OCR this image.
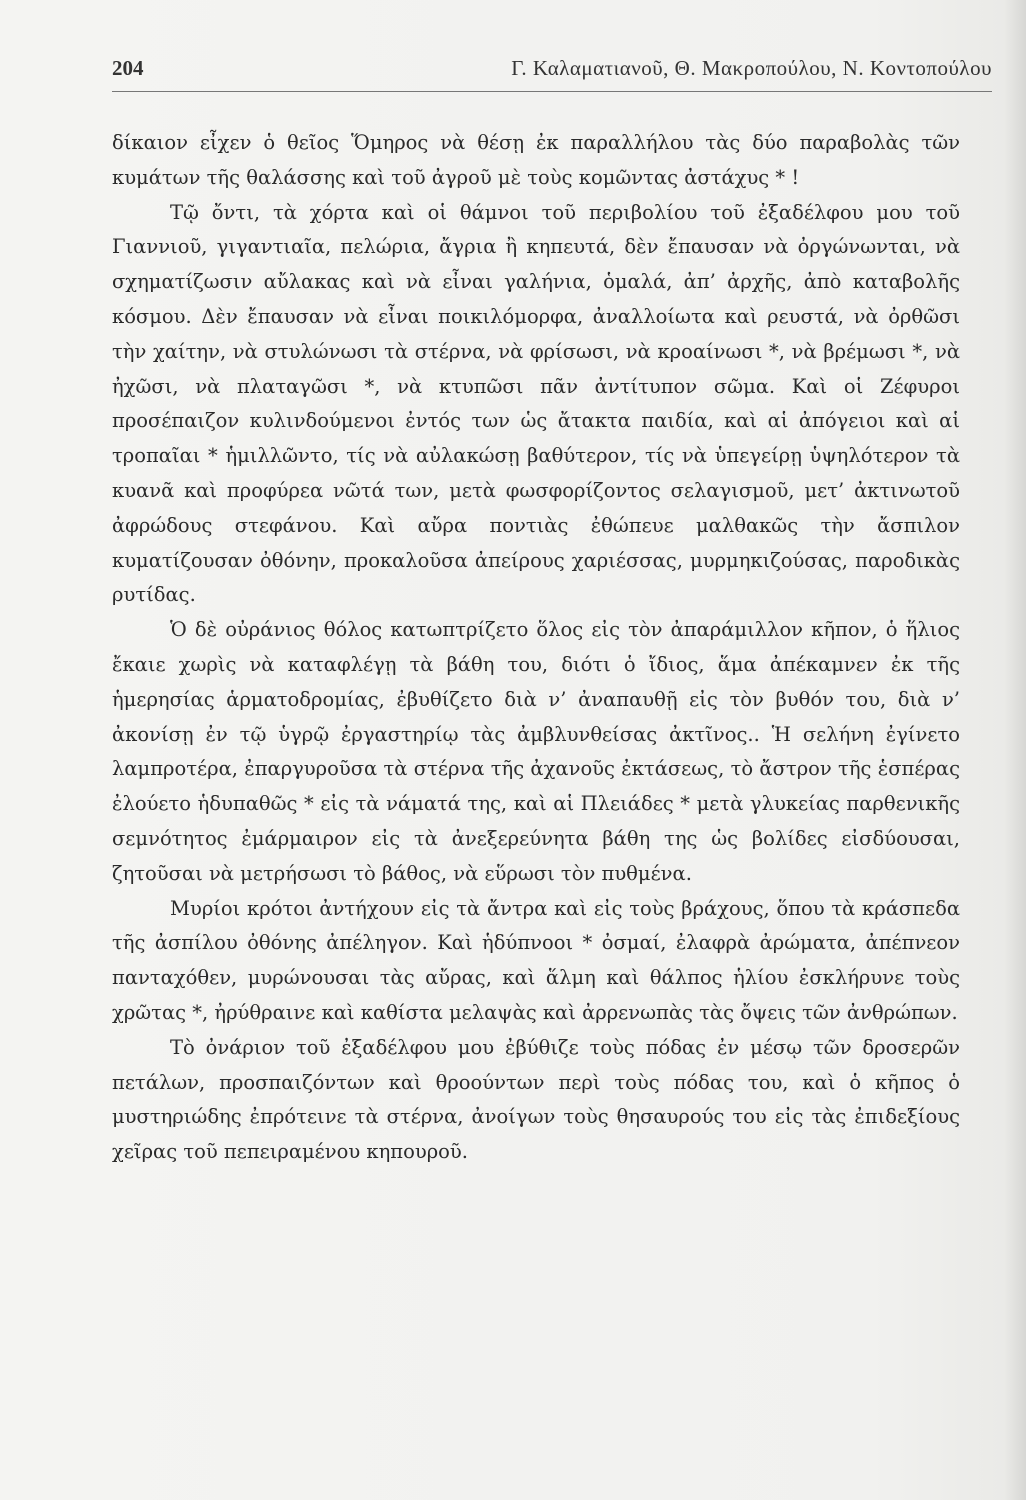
204	Γ. Καλαματιανοῦ, Θ. Μακροπούλου, Ν. Κοντοπούλου

δίκαιον εἶχεν ὁ θεῖος Ὅμηρος νὰ θέσῃ ἐκ παραλλήλου τὰς δύο παραβολὰς τῶν κυμάτων τῆς θαλάσσης καὶ τοῦ ἀγροῦ μὲ τοὺς κομῶντας ἀστάχυς * !

Τῷ ὄντι, τὰ χόρτα καὶ οἱ θάμνοι τοῦ περιβολίου τοῦ ἐξαδέλφου μου τοῦ Γιαννιοῦ, γιγαντιαῖα, πελώρια, ἄγρια ἢ κηπευτά, δὲν ἔπαυσαν νὰ ὀργώνωνται, νὰ σχηματίζωσιν αὔλακας καὶ νὰ εἶναι γαλήνια, ὁμαλά, ἀπ’ ἀρχῆς, ἀπὸ καταβολῆς κόσμου. Δὲν ἔπαυσαν νὰ εἶναι ποικιλόμορφα, ἀναλλοίωτα καὶ ρευστά, νὰ ὀρθῶσι τὴν χαίτην, νὰ στυλώνωσι τὰ στέρνα, νὰ φρίσωσι, νὰ κροαίνωσι *, νὰ βρέμωσι *, νὰ ἠχῶσι, νὰ πλαταγῶσι *, νὰ κτυπῶσι πᾶν ἀντίτυπον σῶμα. Καὶ οἱ Ζέφυροι προσέπαιζον κυλινδούμενοι ἐντός των ὡς ἄτακτα παιδία, καὶ αἱ ἀπόγειοι καὶ αἱ τροπαῖαι * ἡμιλλῶντο, τίς νὰ αὐλακώσῃ βαθύτερον, τίς νὰ ὑπεγείρῃ ὑψηλότερον τὰ κυανᾶ καὶ προφύρεα νῶτά των, μετὰ φωσφορίζοντος σελαγισμοῦ, μετ’ ἀκτινωτοῦ ἀφρώδους στεφάνου. Καὶ αὔρα ποντιὰς ἐθώπευε μαλθακῶς τὴν ἄσπιλον κυματίζουσαν ὀθόνην, προκαλοῦσα ἀπείρους χαριέσσας, μυρμηκιζούσας, παροδικὰς ρυτίδας.

Ὁ δὲ οὐράνιος θόλος κατωπτρίζετο ὅλος εἰς τὸν ἀπαράμιλλον κῆπον, ὁ ἥλιος ἔκαιε χωρὶς νὰ καταφλέγῃ τὰ βάθη του, διότι ὁ ἴδιος, ἅμα ἀπέκαμνεν ἐκ τῆς ἡμερησίας ἁρματοδρομίας, ἐβυθίζετο διὰ ν’ ἀναπαυθῇ εἰς τὸν βυθόν του, διὰ ν’ ἀκονίσῃ ἐν τῷ ὑγρῷ ἐργαστηρίῳ τὰς ἀμβλυνθείσας ἀκτῖνος.. Ἡ σελήνη ἐγίνετο λαμπροτέρα, ἐπαργυροῦσα τὰ στέρνα τῆς ἀχανοῦς ἐκτάσεως, τὸ ἄστρον τῆς ἑσπέρας ἐλούετο ἡδυπαθῶς * εἰς τὰ νάματά της, καὶ αἱ Πλειάδες * μετὰ γλυκείας παρθενικῆς σεμνότητος ἐμάρμαιρον εἰς τὰ ἀνεξερεύνητα βάθη της ὡς βολίδες εἰσδύουσαι, ζητοῦσαι νὰ μετρήσωσι τὸ βάθος, νὰ εὕρωσι τὸν πυθμένα.

Μυρίοι κρότοι ἀντήχουν εἰς τὰ ἄντρα καὶ εἰς τοὺς βράχους, ὅπου τὰ κράσπεδα τῆς ἀσπίλου ὀθόνης ἀπέληγον. Καὶ ἡδύπνοοι * ὀσμαί, ἐλαφρὰ ἀρώματα, ἀπέπνεον πανταχόθεν, μυρώνουσαι τὰς αὔρας, καὶ ἅλμη καὶ θάλπος ἡλίου ἐσκλήρυνε τοὺς χρῶτας *, ἠρύθραινε καὶ καθίστα μελαψὰς καὶ ἀρρενωπὰς τὰς ὄψεις τῶν ἀνθρώπων.

Τὸ ὀνάριον τοῦ ἐξαδέλφου μου ἐβύθιζε τοὺς πόδας ἐν μέσῳ τῶν δροσερῶν πετάλων, προσπαιζόντων καὶ θροούντων περὶ τοὺς πόδας του, καὶ ὁ κῆπος ὁ μυστηριώδης ἐπρότεινε τὰ στέρνα, ἀνοίγων τοὺς θησαυρούς του εἰς τὰς ἐπιδεξίους χεῖρας τοῦ πεπειραμένου κηπουροῦ.
